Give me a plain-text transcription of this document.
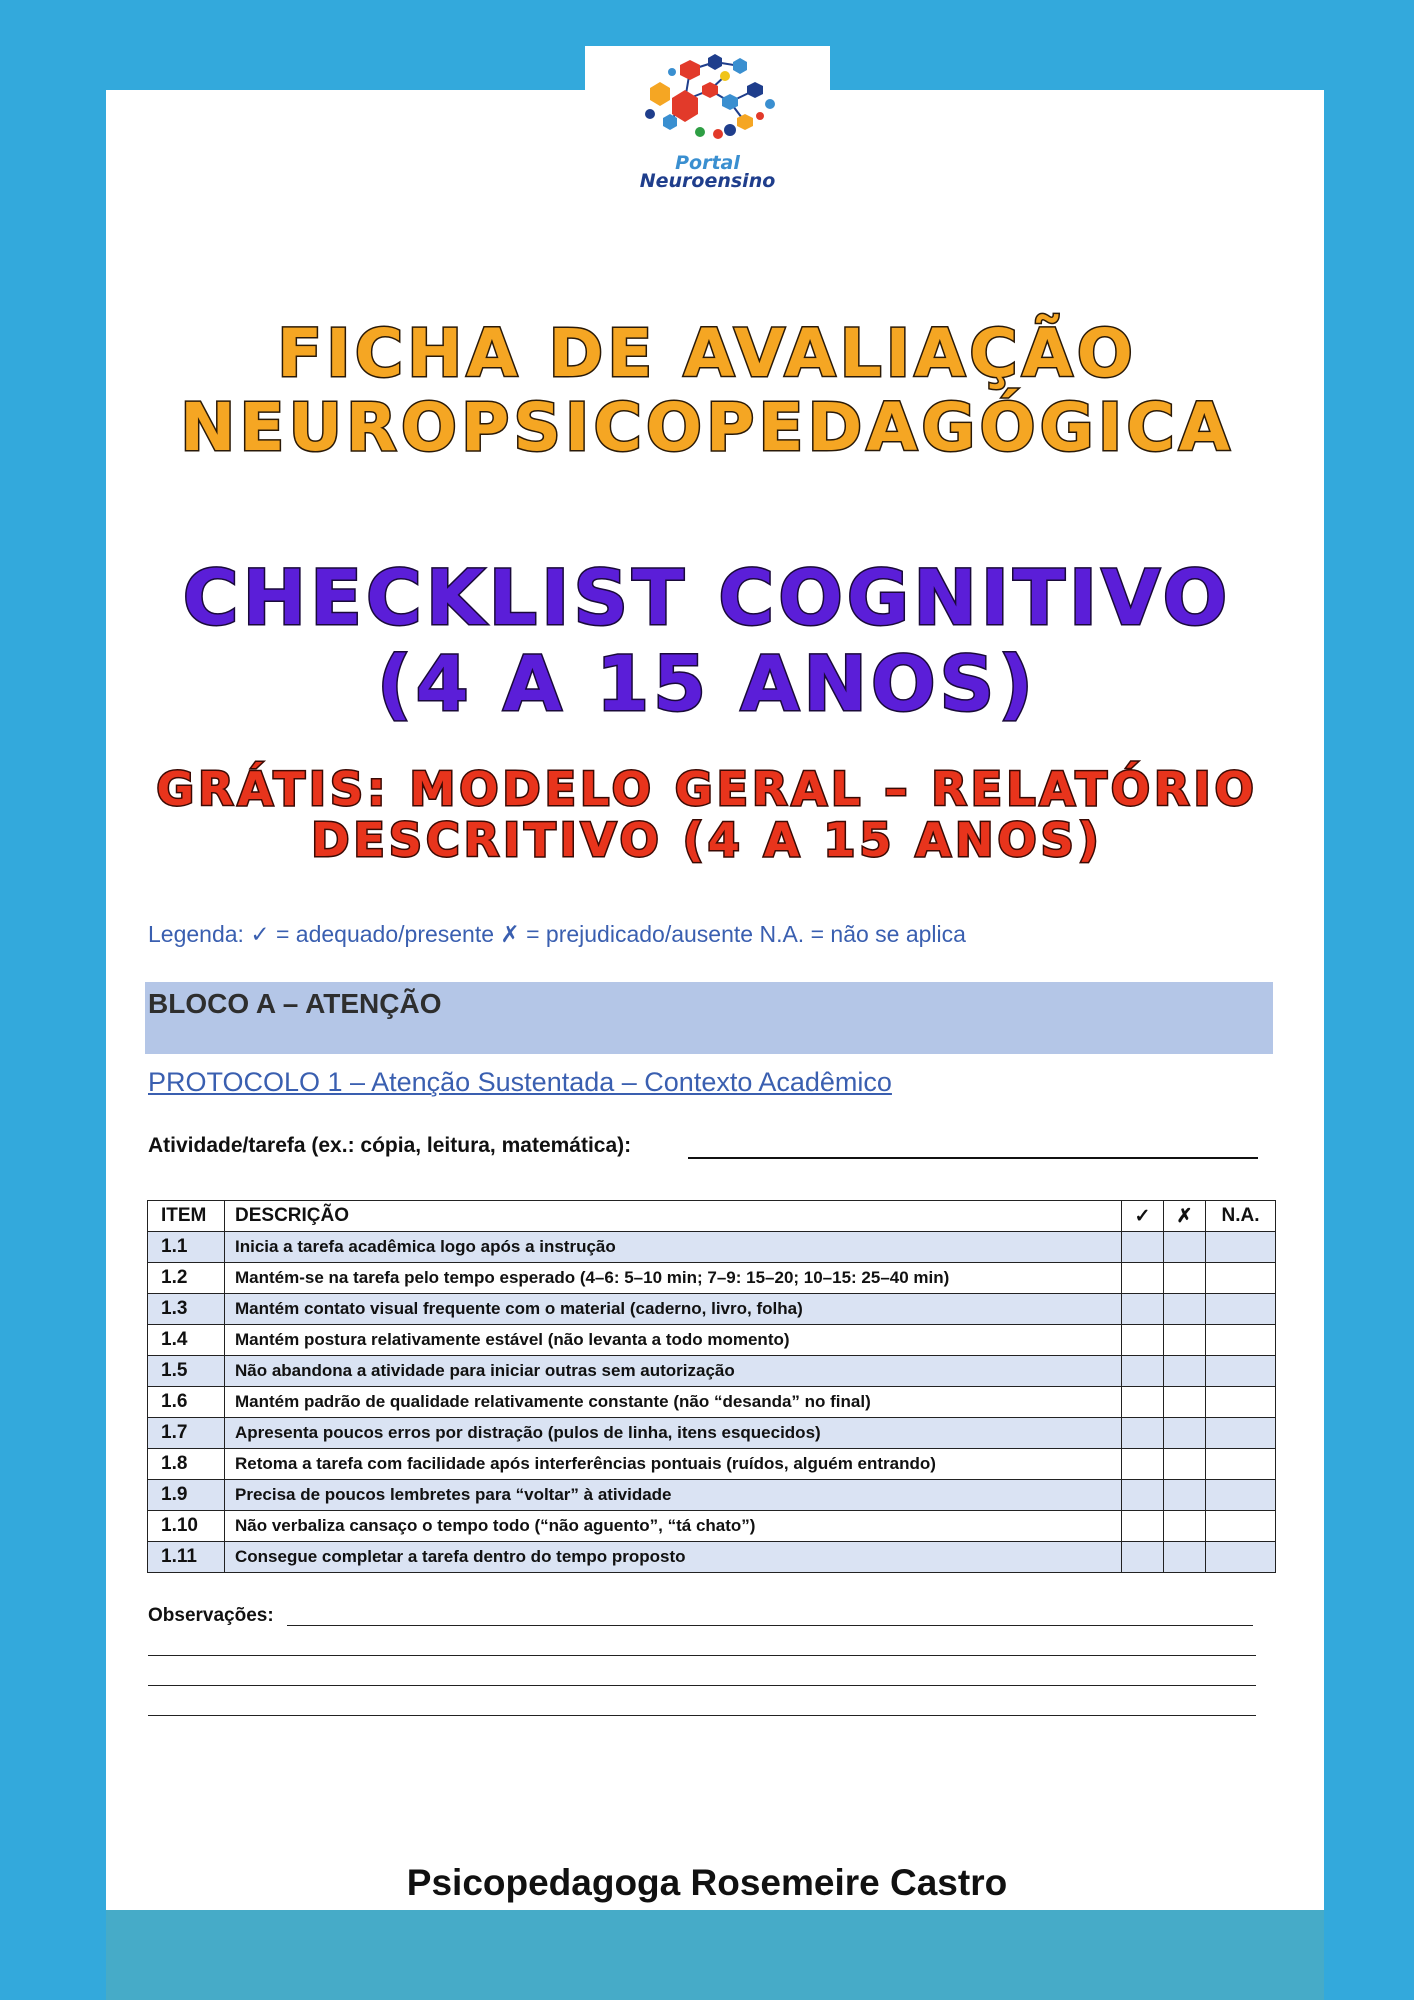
Portal
Neuroensino
FICHA DE AVALIAÇÃO
NEUROPSICOPEDAGÓGICA
CHECKLIST COGNITIVO
(4 A 15 ANOS)
GRÁTIS: MODELO GERAL – RELATÓRIO
DESCRITIVO (4 A 15 ANOS)
Legenda: ✓ = adequado/presente ✗ = prejudicado/ausente N.A. = não se aplica
BLOCO A – ATENÇÃO
PROTOCOLO 1 – Atenção Sustentada – Contexto Acadêmico
Atividade/tarefa (ex.: cópia, leitura, matemática):
ITEM	DESCRIÇÃO	✓	✗	N.A.
1.1	Inicia a tarefa acadêmica logo após a instrução			
1.2	Mantém-se na tarefa pelo tempo esperado (4–6: 5–10 min; 7–9: 15–20; 10–15: 25–40 min)			
1.3	Mantém contato visual frequente com o material (caderno, livro, folha)			
1.4	Mantém postura relativamente estável (não levanta a todo momento)			
1.5	Não abandona a atividade para iniciar outras sem autorização			
1.6	Mantém padrão de qualidade relativamente constante (não “desanda” no final)			
1.7	Apresenta poucos erros por distração (pulos de linha, itens esquecidos)			
1.8	Retoma a tarefa com facilidade após interferências pontuais (ruídos, alguém entrando)			
1.9	Precisa de poucos lembretes para “voltar” à atividade			
1.10	Não verbaliza cansaço o tempo todo (“não aguento”, “tá chato”)			
1.11	Consegue completar a tarefa dentro do tempo proposto			
Observações:
Psicopedagoga Rosemeire Castro
